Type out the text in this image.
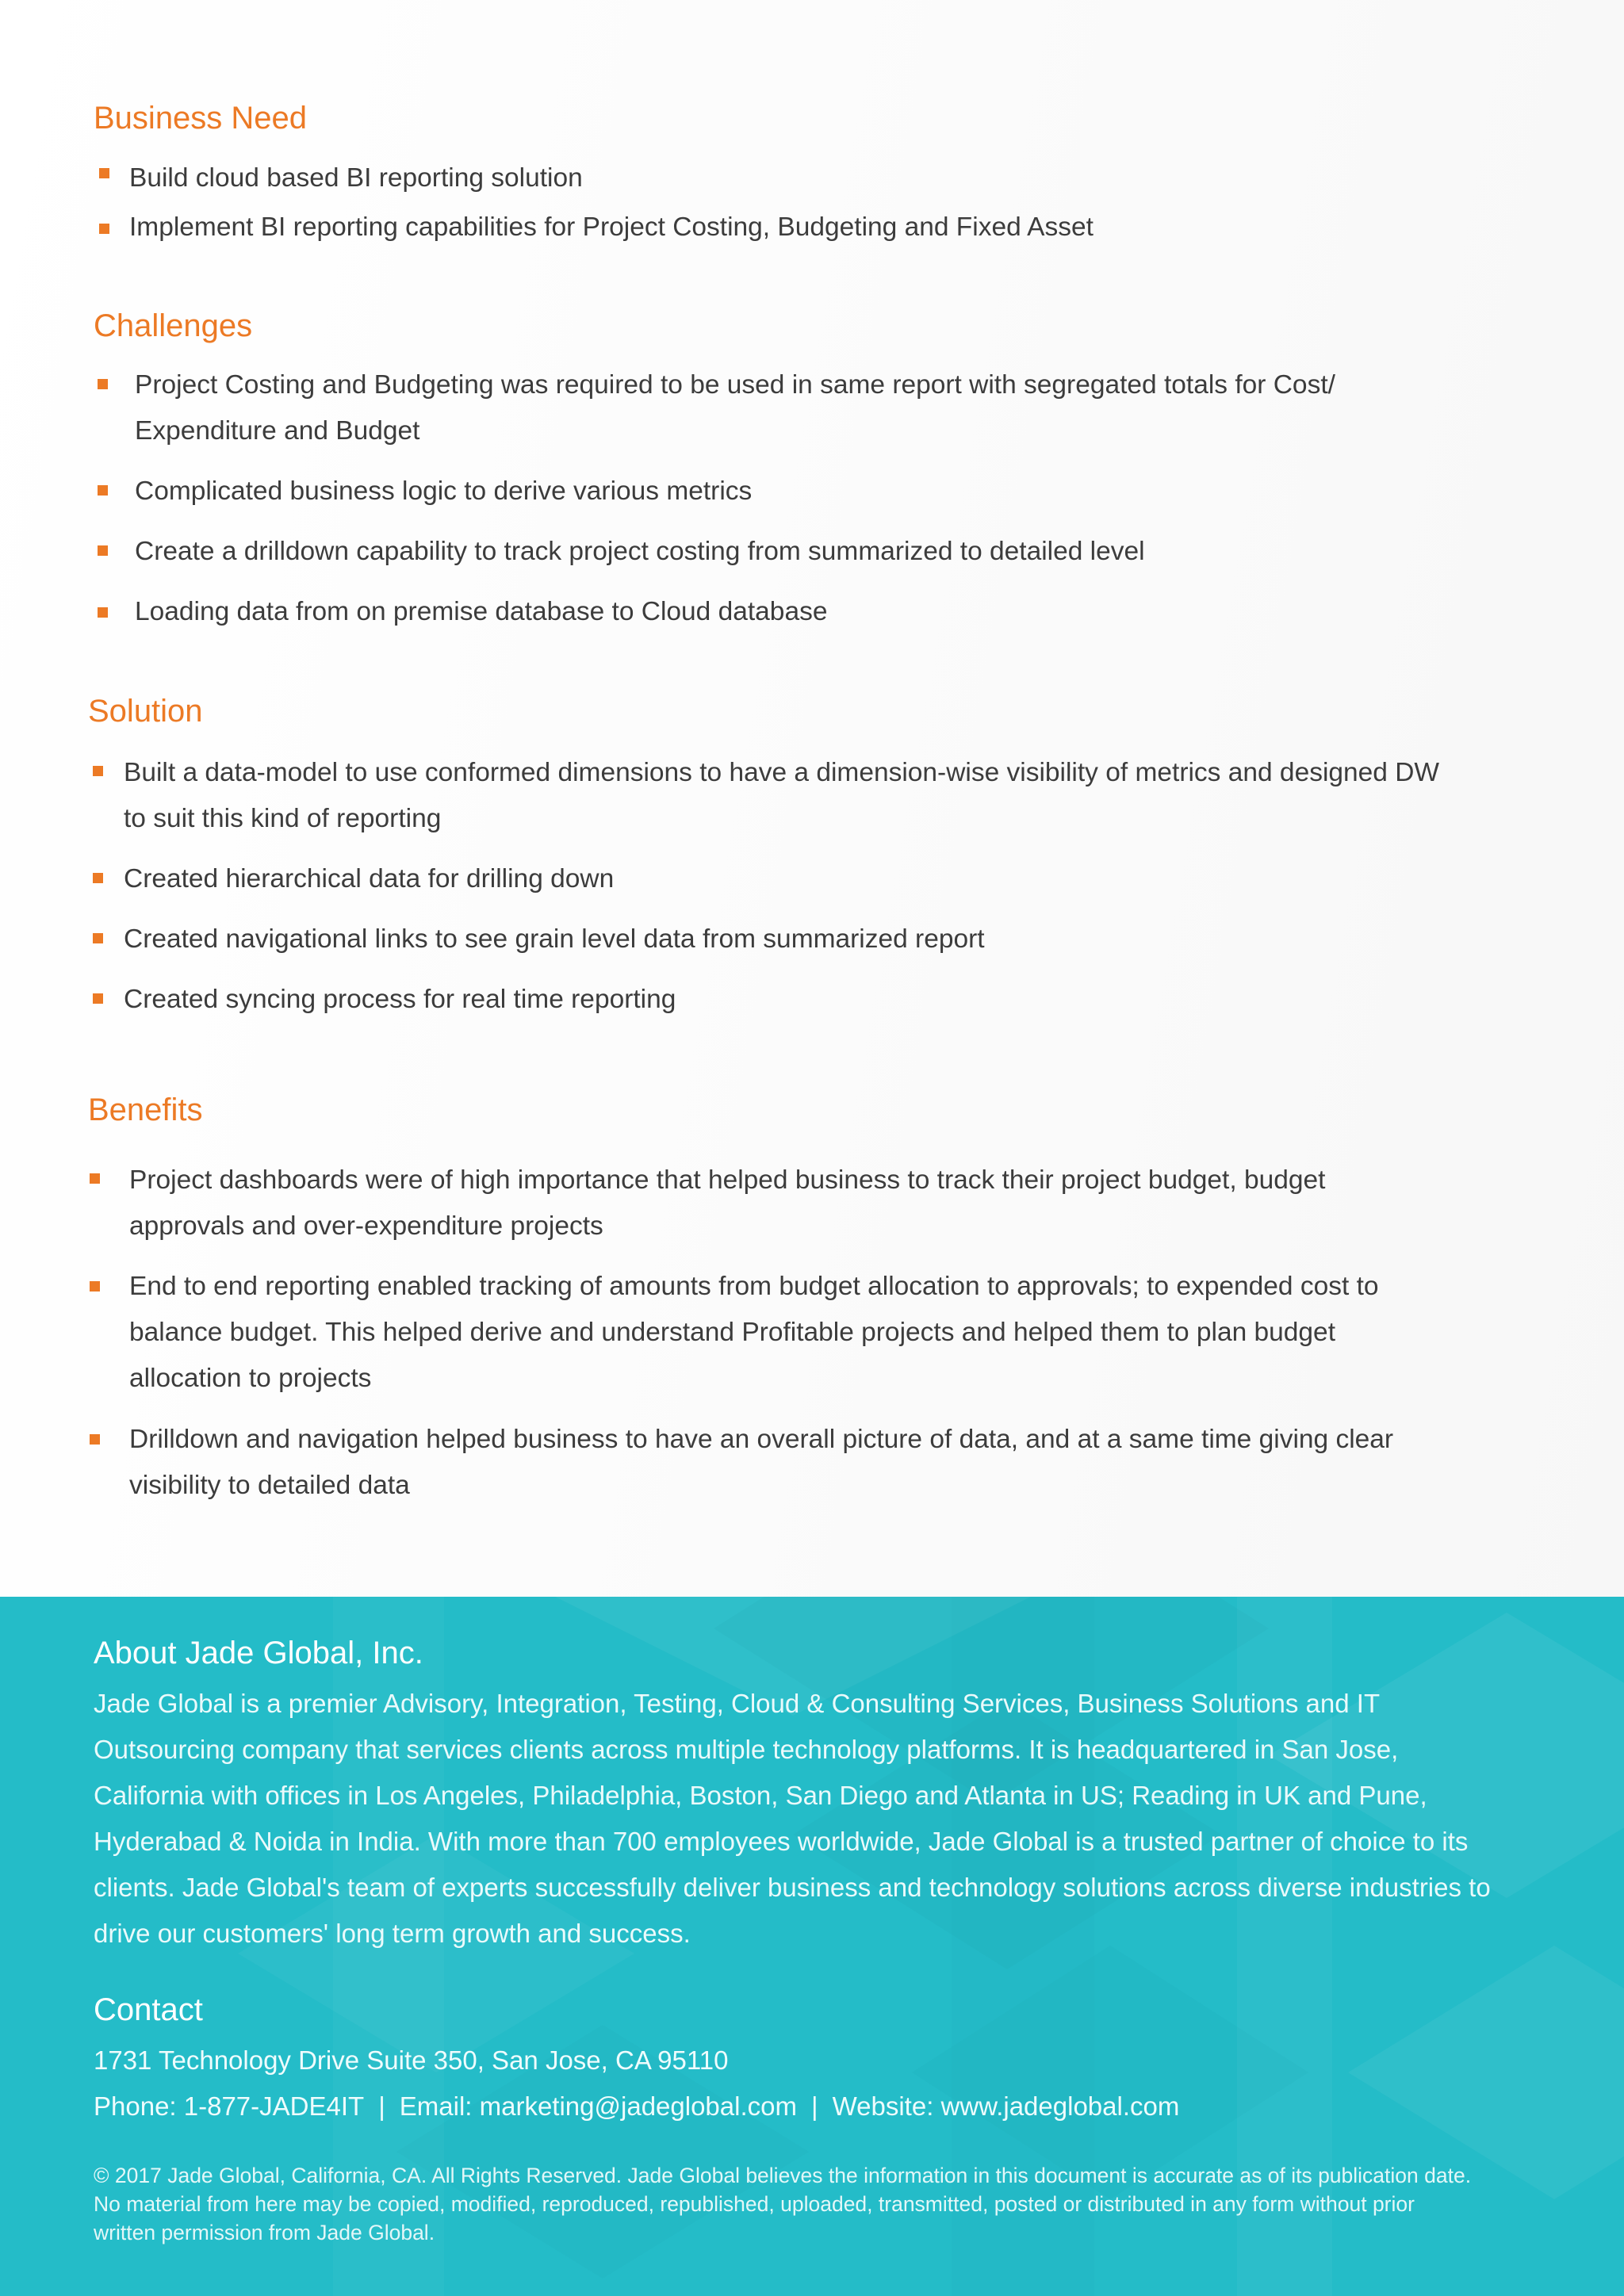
Business Need
Build cloud based BI reporting solution
Implement BI reporting capabilities for Project Costing, Budgeting and Fixed Asset
Challenges
Project Costing and Budgeting was required to be used in same report with segregated totals for Cost/ Expenditure and Budget
Complicated business logic to derive various metrics
Create a drilldown capability to track project costing from summarized to detailed level
Loading data from on premise database to Cloud database
Solution
Built a data-model to use conformed dimensions to have a dimension-wise visibility of metrics and designed DW to suit this kind of reporting
Created hierarchical data for drilling down
Created navigational links to see grain level data from summarized report
Created syncing process for real time reporting
Benefits
Project dashboards were of high importance that helped business to track their project budget, budget approvals and over-expenditure projects
End to end reporting enabled tracking of amounts from budget allocation to approvals; to expended cost to balance budget. This helped derive and understand Profitable projects and helped them to plan budget allocation to projects
Drilldown and navigation helped business to have an overall picture of data, and at a same time giving clear visibility to detailed data
About Jade Global, Inc.

Jade Global is a premier Advisory, Integration, Testing, Cloud & Consulting Services, Business Solutions and IT Outsourcing company that services clients across multiple technology platforms. It is headquartered in San Jose, California with offices in Los Angeles, Philadelphia, Boston, San Diego and Atlanta in US; Reading in UK and Pune, Hyderabad & Noida in India. With more than 700 employees worldwide, Jade Global is a trusted partner of choice to its clients. Jade Global's team of experts successfully deliver business and technology solutions across diverse industries to drive our customers' long term growth and success.

Contact

1731 Technology Drive Suite 350, San Jose, CA 95110

Phone: 1-877-JADE4IT | Email: marketing@jadeglobal.com | Website: www.jadeglobal.com

© 2017 Jade Global, California, CA. All Rights Reserved. Jade Global believes the information in this document is accurate as of its publication date. No material from here may be copied, modified, reproduced, republished, uploaded, transmitted, posted or distributed in any form without prior written permission from Jade Global.
